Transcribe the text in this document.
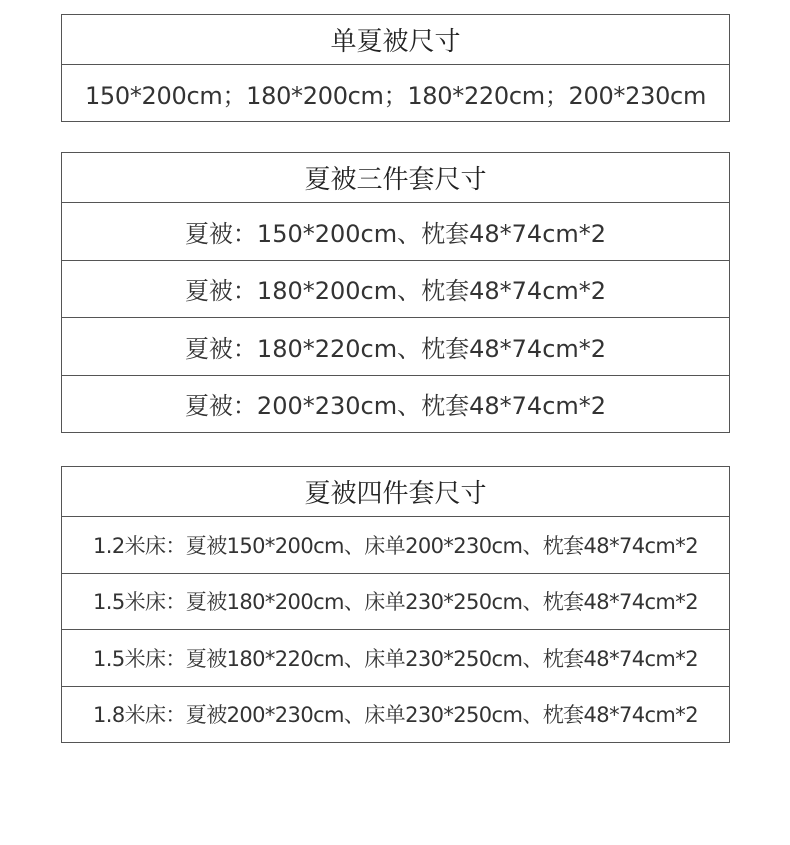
单夏被尺寸
150*200cm；180*200cm；180*220cm；200*230cm
夏被三件套尺寸
夏被：150*200cm、枕套48*74cm*2
夏被：180*200cm、枕套48*74cm*2
夏被：180*220cm、枕套48*74cm*2
夏被：200*230cm、枕套48*74cm*2
夏被四件套尺寸
1.2米床：夏被150*200cm、床单200*230cm、枕套48*74cm*2
1.5米床：夏被180*200cm、床单230*250cm、枕套48*74cm*2
1.5米床：夏被180*220cm、床单230*250cm、枕套48*74cm*2
1.8米床：夏被200*230cm、床单230*250cm、枕套48*74cm*2
